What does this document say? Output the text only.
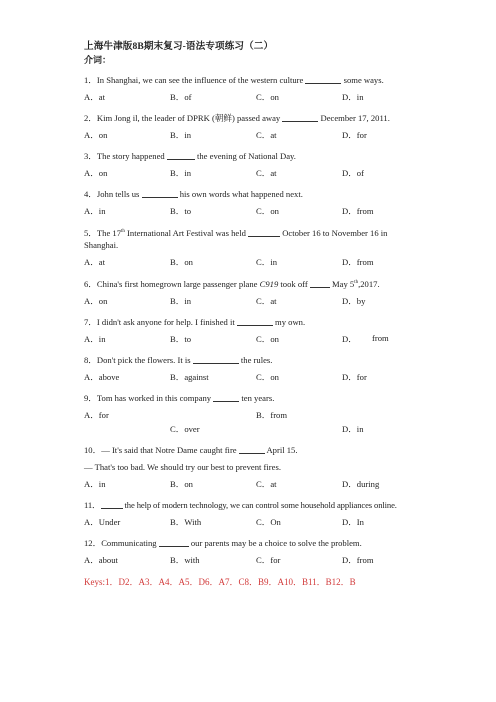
上海牛津版8B期末复习-语法专项练习（二）
介词：
1．In Shanghai, we can see the influence of the western culture	some ways.
A．at	B．of	C．on	D．in
2．Kim Jong il, the leader of DPRK (朝鲜) passed away	December 17, 2011.
A．on	B．in	C．at	D．for
3．The story happened	the evening of National Day.
A．on	B．in	C．at	D．of
4．John tells us	his own words what happened next.
A．in	B．to	C．on	D．from
5．The 17th International Art Festival was held	October 16 to November 16 in Shanghai.
A．at	B．on	C．in	D．from
6．China's first homegrown large passenger plane C919 took off  May 5th,2017.
A．on	B．in	C．at	D．by
7．I didn't ask anyone for help. I finished it	my own.
A．in	B．to	C．on	D． from
8．Don't pick the flowers. It is	the rules.
A．above	B．against	C．on	D．for
9．Tom has worked in this company	ten years.
A．for	B．from
C．over	D．in
10．— It's said that Notre Dame caught fire	April 15.
— That's too bad. We should try our best to prevent fires.
A．in	B．on	C．at	D．during
11．	the help of modern technology, we can control some household appliances online.
A．Under	B．With	C．On	D．In
12．Communicating	our parents may be a choice to solve the problem.
A．about	B．with	C．for	D．from
Keys:1．D2．A3．A4．A5．D6．A7．C8．B9．A10．B11．B12．B
